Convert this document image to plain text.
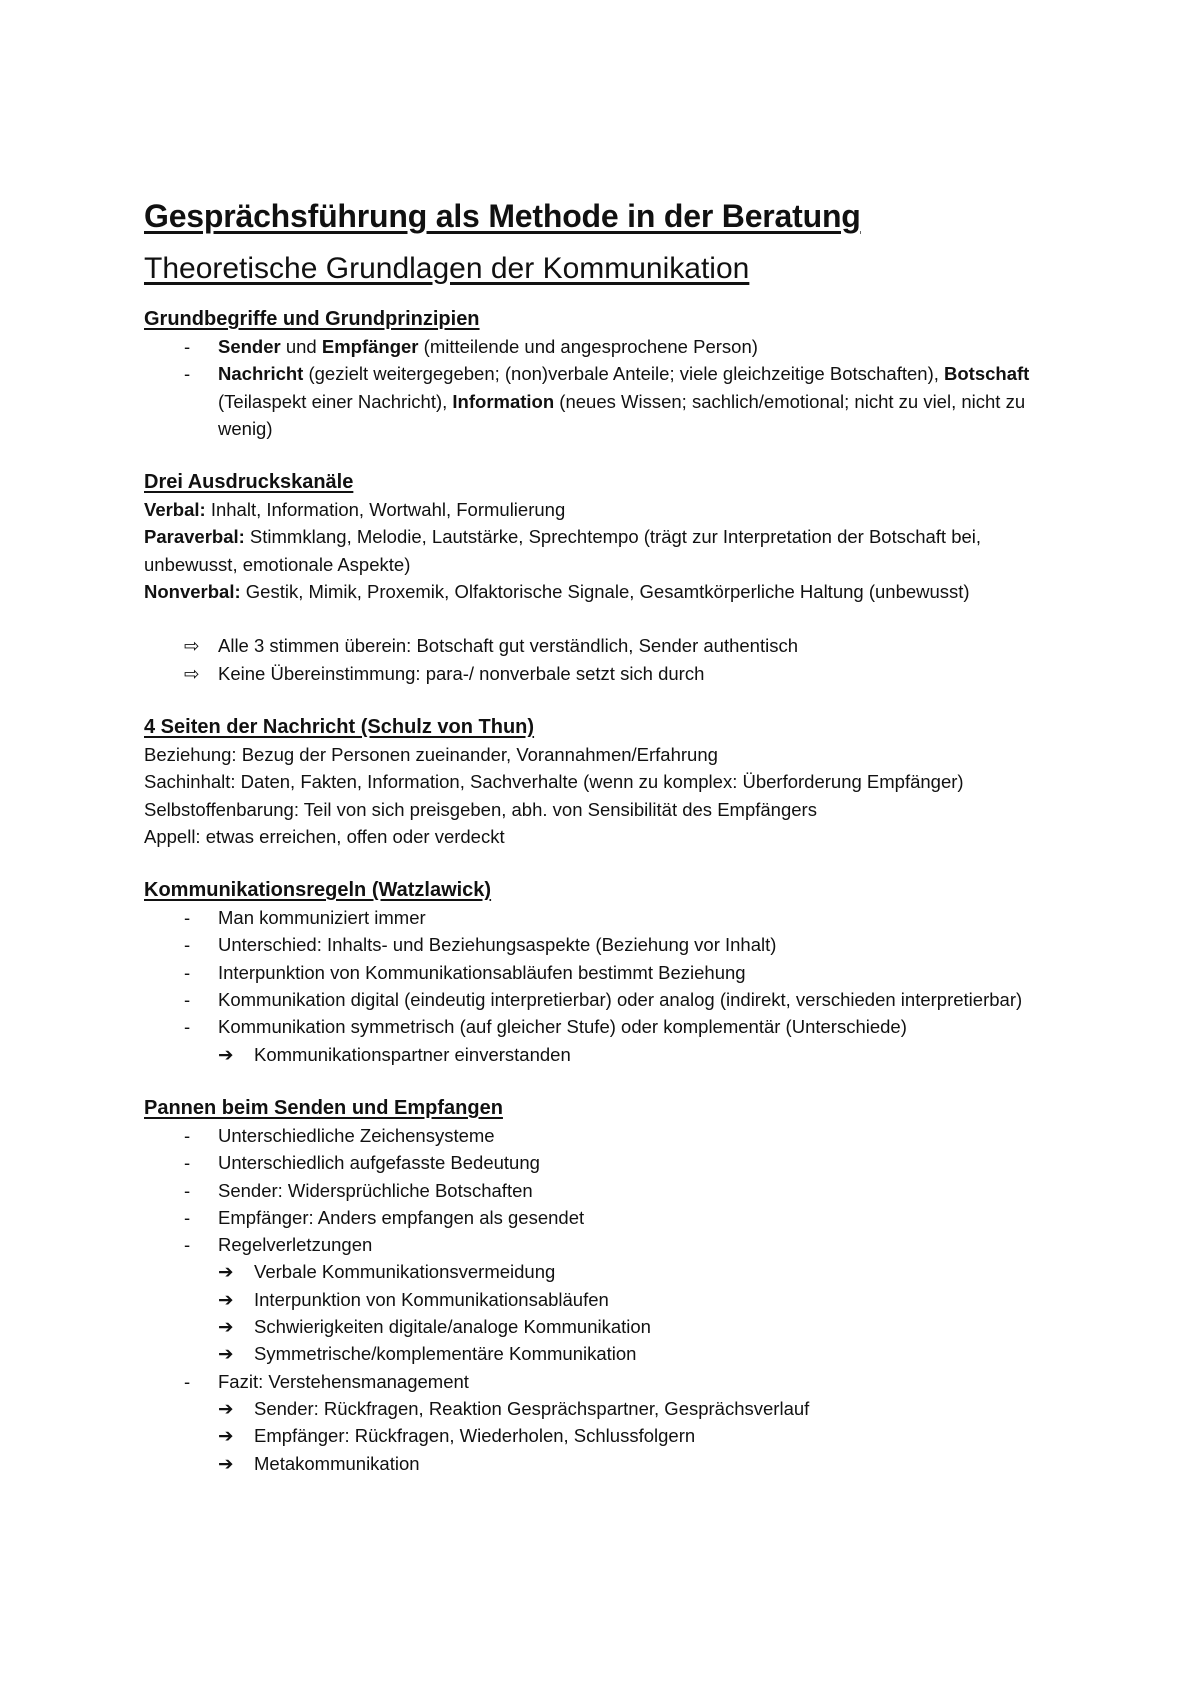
Gesprächsführung als Methode in der Beratung
Theoretische Grundlagen der Kommunikation
Grundbegriffe und Grundprinzipien
- Sender und Empfänger (mitteilende und angesprochene Person)
- Nachricht (gezielt weitergegeben; (non)verbale Anteile; viele gleichzeitige Botschaften), Botschaft (Teilaspekt einer Nachricht), Information (neues Wissen; sachlich/emotional; nicht zu viel, nicht zu wenig)
Drei Ausdruckskanäle

Verbal: Inhalt, Information, Wortwahl, Formulierung

Paraverbal: Stimmklang, Melodie, Lautstärke, Sprechtempo (trägt zur Interpretation der Botschaft bei, unbewusst, emotionale Aspekte)

Nonverbal: Gestik, Mimik, Proxemik, Olfaktorische Signale, Gesamtkörperliche Haltung (unbewusst)

⇨ Alle 3 stimmen überein: Botschaft gut verständlich, Sender authentisch
⇨ Keine Übereinstimmung: para-/ nonverbale setzt sich durch
4 Seiten der Nachricht (Schulz von Thun)

Beziehung: Bezug der Personen zueinander, Vorannahmen/Erfahrung

Sachinhalt: Daten, Fakten, Information, Sachverhalte (wenn zu komplex: Überforderung Empfänger)

Selbstoffenbarung: Teil von sich preisgeben, abh. von Sensibilität des Empfängers

Appell: etwas erreichen, offen oder verdeckt

Kommunikationsregeln (Watzlawick)
- Man kommuniziert immer
- Unterschied: Inhalts- und Beziehungsaspekte (Beziehung vor Inhalt)
- Interpunktion von Kommunikationsabläufen bestimmt Beziehung
- Kommunikation digital (eindeutig interpretierbar) oder analog (indirekt, verschieden interpretierbar)
- Kommunikation symmetrisch (auf gleicher Stufe) oder komplementär (Unterschiede)
➔ Kommunikationspartner einverstanden
Pannen beim Senden und Empfangen
- Unterschiedliche Zeichensysteme
- Unterschiedlich aufgefasste Bedeutung
- Sender: Widersprüchliche Botschaften
- Empfänger: Anders empfangen als gesendet
- Regelverletzungen
➔ Verbale Kommunikationsvermeidung
➔ Interpunktion von Kommunikationsabläufen
➔ Schwierigkeiten digitale/analoge Kommunikation
➔ Symmetrische/komplementäre Kommunikation
- Fazit: Verstehensmanagement
➔ Sender: Rückfragen, Reaktion Gesprächspartner, Gesprächsverlauf
➔ Empfänger: Rückfragen, Wiederholen, Schlussfolgern
➔ Metakommunikation
